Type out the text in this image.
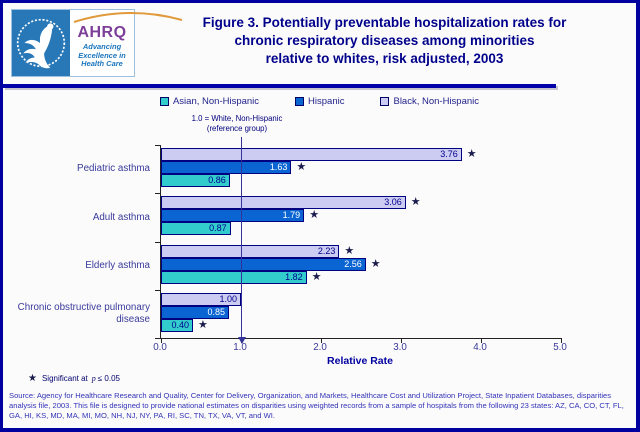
AHRQ
Advancing
Excellence in
Health Care
Figure 3. Potentially preventable hospitalization rates for
chronic respiratory diseases among minorities
relative to whites, risk adjusted, 2003
Asian, Non-Hispanic	Hispanic	Black, Non-Hispanic
1.0 = White, Non-Hispanic
(reference group)
Pediatric asthma
Adult asthma
Elderly asthma
Chronic obstructive pulmonary disease
3.76 ★
1.63 ★
0.86
3.06 ★
1.79 ★
0.87
2.23 ★
2.56 ★
1.82 ★
1.00
0.85
0.40 ★
0.0	1.0	2.0	3.0	4.0	5.0
Relative Rate
★ Significant at p ≤ 0.05
Source: Agency for Healthcare Research and Quality, Center for Delivery, Organization, and Markets, Healthcare Cost and Utilization Project, State Inpatient Databases, disparities analysis file, 2003. This file is designed to provide national estimates on disparities using weighted records from a sample of hospitals from the following 23 states: AZ, CA, CO, CT, FL, GA, HI, KS, MD, MA, MI, MO, NH, NJ, NY, PA, RI, SC, TN, TX, VA, VT, and WI.
